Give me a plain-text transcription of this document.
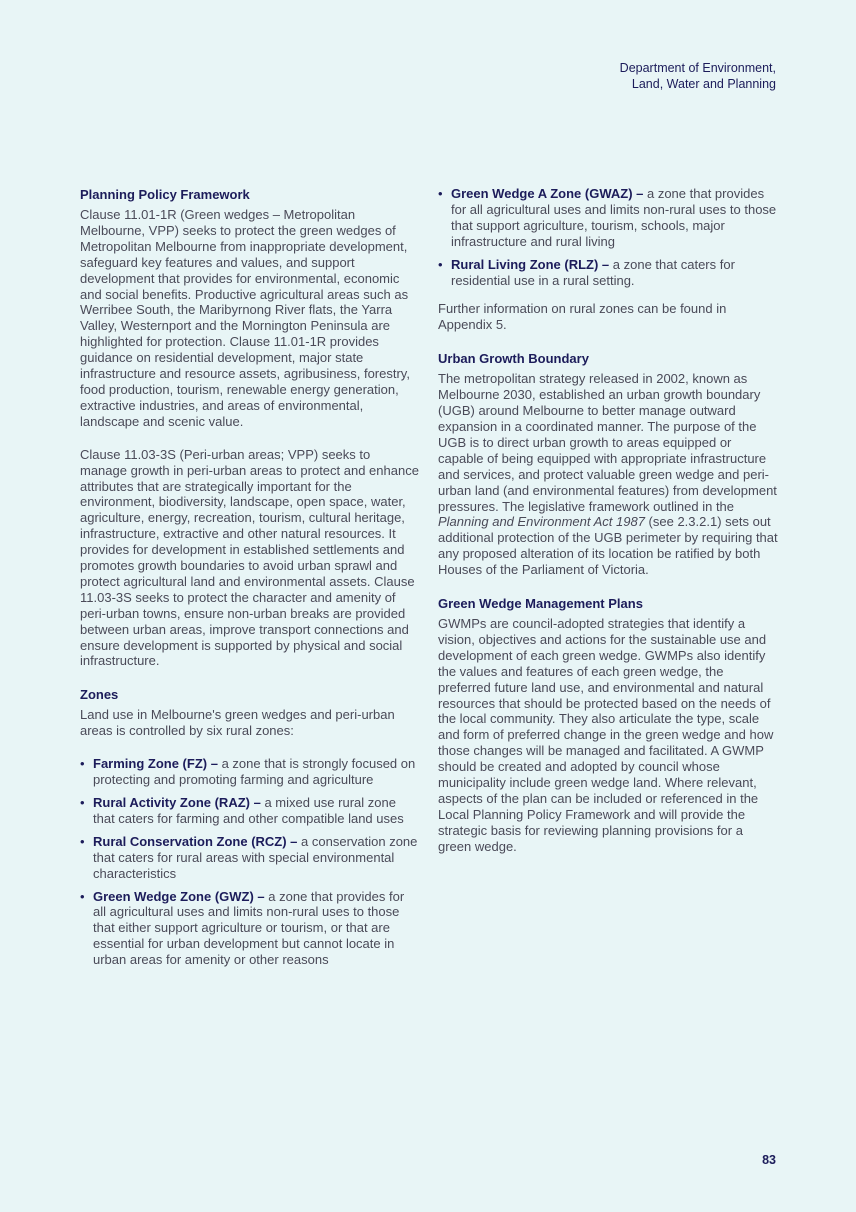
Department of Environment,
Land, Water and Planning
Planning Policy Framework

Clause 11.01-1R (Green wedges – Metropolitan Melbourne, VPP) seeks to protect the green wedges of Metropolitan Melbourne from inappropriate development, safeguard key features and values, and support development that provides for environmental, economic and social benefits. Productive agricultural areas such as Werribee South, the Maribyrnong River flats, the Yarra Valley, Westernport and the Mornington Peninsula are highlighted for protection. Clause 11.01-1R provides guidance on residential development, major state infrastructure and resource assets, agribusiness, forestry, food production, tourism, renewable energy generation, extractive industries, and areas of environmental, landscape and scenic value.

Clause 11.03-3S (Peri-urban areas; VPP) seeks to manage growth in peri-urban areas to protect and enhance attributes that are strategically important for the environment, biodiversity, landscape, open space, water, agriculture, energy, recreation, tourism, cultural heritage, infrastructure, extractive and other natural resources. It provides for development in established settlements and promotes growth boundaries to avoid urban sprawl and protect agricultural land and environmental assets. Clause 11.03-3S seeks to protect the character and amenity of peri-urban towns, ensure non-urban breaks are provided between urban areas, improve transport connections and ensure development is supported by physical and social infrastructure.

Zones

Land use in Melbourne's green wedges and peri-urban areas is controlled by six rural zones:

• Farming Zone (FZ) – a zone that is strongly focused on protecting and promoting farming and agriculture
• Rural Activity Zone (RAZ) – a mixed use rural zone that caters for farming and other compatible land uses
• Rural Conservation Zone (RCZ) – a conservation zone that caters for rural areas with special environmental characteristics
• Green Wedge Zone (GWZ) – a zone that provides for all agricultural uses and limits non-rural uses to those that either support agriculture or tourism, or that are essential for urban development but cannot locate in urban areas for amenity or other reasons
• Green Wedge A Zone (GWAZ) – a zone that provides for all agricultural uses and limits non-rural uses to those that support agriculture, tourism, schools, major infrastructure and rural living
• Rural Living Zone (RLZ) – a zone that caters for residential use in a rural setting.

Further information on rural zones can be found in Appendix 5.

Urban Growth Boundary

The metropolitan strategy released in 2002, known as Melbourne 2030, established an urban growth boundary (UGB) around Melbourne to better manage outward expansion in a coordinated manner. The purpose of the UGB is to direct urban growth to areas equipped or capable of being equipped with appropriate infrastructure and services, and protect valuable green wedge and peri-urban land (and environmental features) from development pressures. The legislative framework outlined in the Planning and Environment Act 1987 (see 2.3.2.1) sets out additional protection of the UGB perimeter by requiring that any proposed alteration of its location be ratified by both Houses of the Parliament of Victoria.

Green Wedge Management Plans

GWMPs are council-adopted strategies that identify a vision, objectives and actions for the sustainable use and development of each green wedge. GWMPs also identify the values and features of each green wedge, the preferred future land use, and environmental and natural resources that should be protected based on the needs of the local community. They also articulate the type, scale and form of preferred change in the green wedge and how those changes will be managed and facilitated. A GWMP should be created and adopted by council whose municipality include green wedge land. Where relevant, aspects of the plan can be included or referenced in the Local Planning Policy Framework and will provide the strategic basis for reviewing planning provisions for a green wedge.

83
